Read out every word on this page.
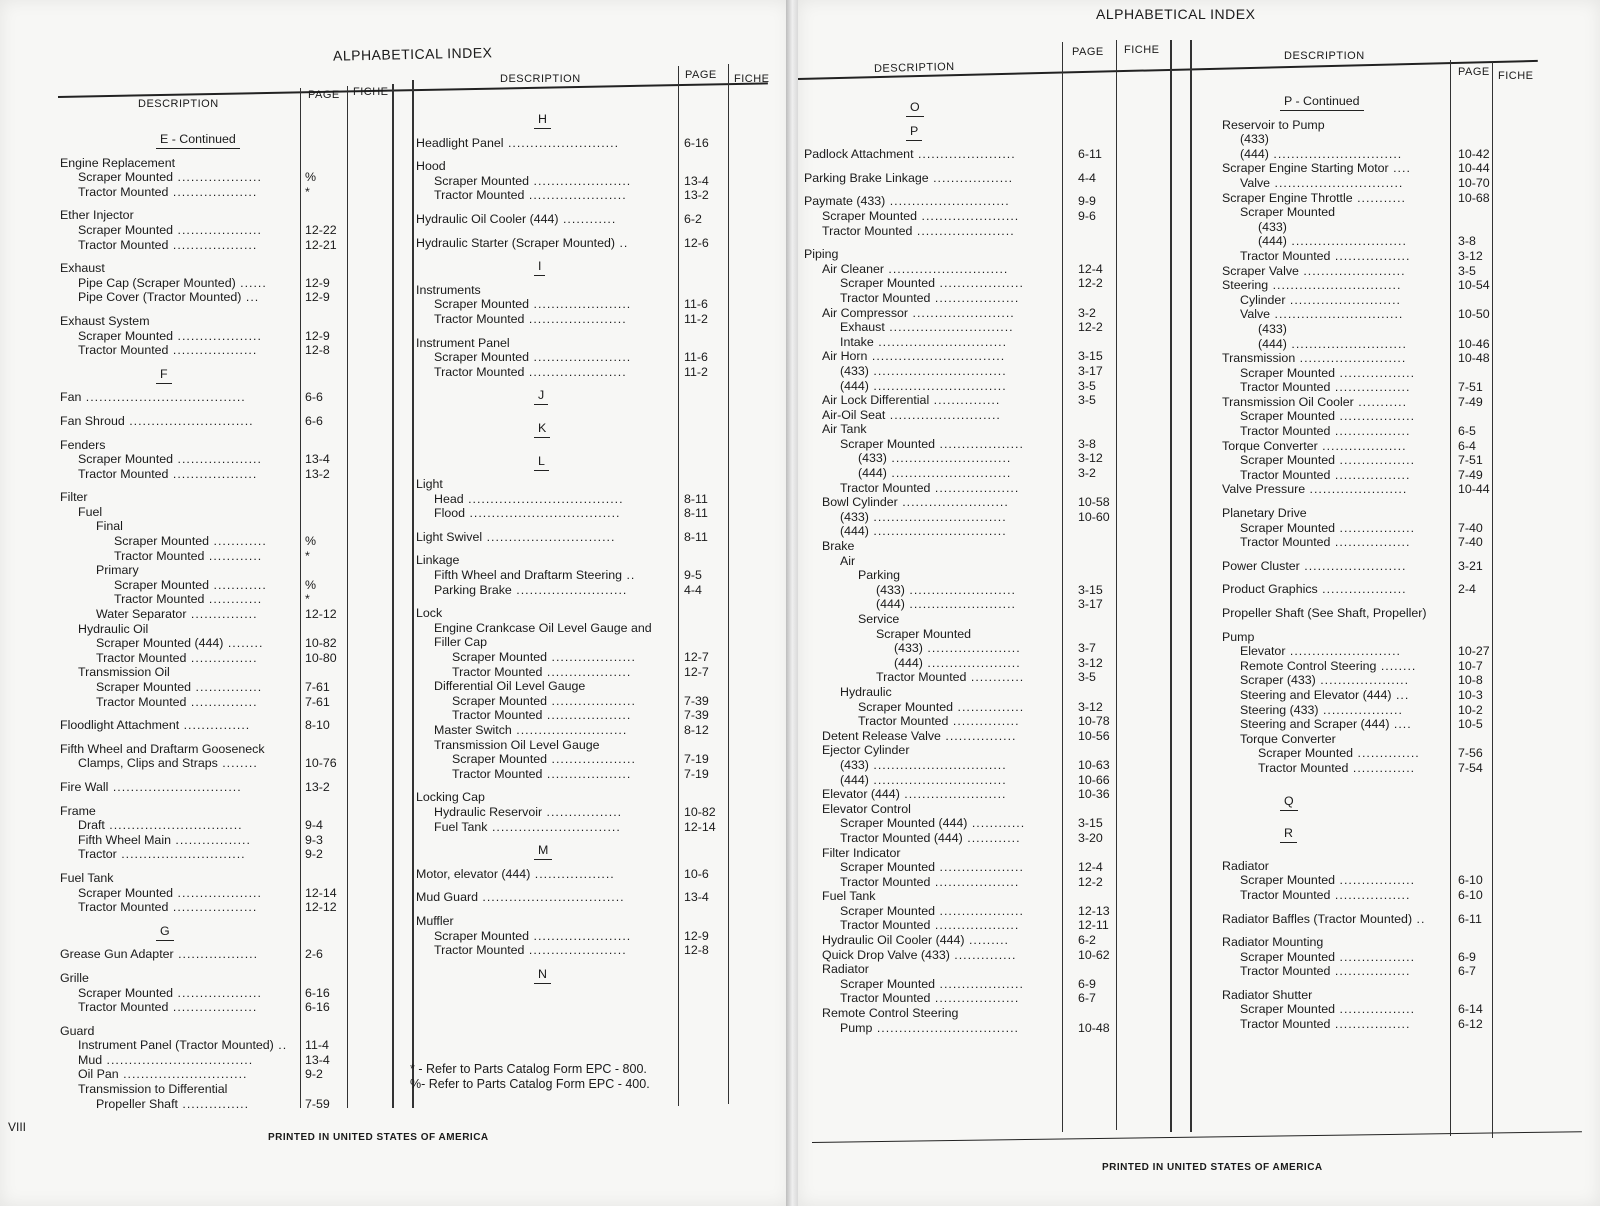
ALPHABETICAL INDEX
DESCRIPTION
PAGE FICHE
DESCRIPTION	PAGE FICHE
E - Continued
Engine Replacement
Scraper Mounted ...................	%
Tractor Mounted ...................	*
Ether Injector
Scraper Mounted ...................	12-22
Tractor Mounted ...................	12-21
Exhaust
Pipe Cap (Scraper Mounted) ......	12-9
Pipe Cover (Tractor Mounted) ...	12-9
Exhaust System
Scraper Mounted ...................	12-9
Tractor Mounted ...................	12-8
F
Fan ....................................	6-6
Fan Shroud ............................	6-6
Fenders
Scraper Mounted ...................	13-4
Tractor Mounted ...................	13-2
Filter
Fuel
Final
Scraper Mounted ............	%
Tractor Mounted ............	*
Primary
Scraper Mounted ............	%
Tractor Mounted ............	*
Water Separator ...............	12-12
Hydraulic Oil
Scraper Mounted (444) ........	10-82
Tractor Mounted ...............	10-80
Transmission Oil
Scraper Mounted ...............	7-61
Tractor Mounted ...............	7-61
Floodlight Attachment ...............	8-10
Fifth Wheel and Draftarm Gooseneck
Clamps, Clips and Straps ........	10-76
Fire Wall .............................	13-2
Frame
Draft ..............................	9-4
Fifth Wheel Main .................	9-3
Tractor ............................	9-2
Fuel Tank
Scraper Mounted ...................	12-14
Tractor Mounted ...................	12-12
G
Grease Gun Adapter ..................	2-6
Grille
Scraper Mounted ...................	6-16
Tractor Mounted ...................	6-16
Guard
Instrument Panel (Tractor Mounted) .. 11-4
Mud .................................	13-4
Oil Pan ............................	9-2
Transmission to Differential
Propeller Shaft ...............	7-59
H
Headlight Panel .........................	6-16
Hood
Scraper Mounted ......................	13-4
Tractor Mounted ......................	13-2
Hydraulic Oil Cooler (444) ............	6-2
Hydraulic Starter (Scraper Mounted) ..	12-6
I
Instruments
Scraper Mounted ......................	11-6
Tractor Mounted ......................	11-2
Instrument Panel
Scraper Mounted ......................	11-6
Tractor Mounted ......................	11-2
J
K
L
Light
Head ...................................	8-11
Flood ..................................	8-11
Light Swivel .............................	8-11
Linkage
Fifth Wheel and Draftarm Steering ..	9-5
Parking Brake .........................	4-4
Lock
Engine Crankcase Oil Level Gauge and
Filler Cap
Scraper Mounted ...................	12-7
Tractor Mounted ...................	12-7
Differential Oil Level Gauge
Scraper Mounted ...................	7-39
Tractor Mounted ...................	7-39
Master Switch .........................	8-12
Transmission Oil Level Gauge
Scraper Mounted ...................	7-19
Tractor Mounted ...................	7-19
Locking Cap
Hydraulic Reservoir .................	10-82
Fuel Tank .............................	12-14
M
Motor, elevator (444) ..................	10-6
Mud Guard ................................	13-4
Muffler
Scraper Mounted ......................	12-9
Tractor Mounted ......................	12-8
N
* - Refer to Parts Catalog Form EPC - 800.
%- Refer to Parts Catalog Form EPC - 400.
VIII
PRINTED IN UNITED STATES OF AMERICA
ALPHABETICAL INDEX
DESCRIPTION
PAGE FICHE	DESCRIPTION
PAGE FICHE
O
P
Padlock Attachment ......................	6-11
Parking Brake Linkage ..................	4-4
Paymate (433) ...........................	9-9
Scraper Mounted ......................	9-6
Tractor Mounted ......................
Piping
Air Cleaner ...........................	12-4
Scraper Mounted ...................	12-2
Tractor Mounted ...................
Air Compressor .......................	3-2
Exhaust ............................	12-2
Intake .............................
Air Horn ..............................	3-15
(433) ..............................	3-17
(444) ..............................	3-5
Air Lock Differential ...............	3-5
Air-Oil Seat .........................
Air Tank
Scraper Mounted ...................	3-8
(433) ...........................	3-12
(444) ...........................	3-2
Tractor Mounted ...................
Bowl Cylinder ........................	10-58
(433) ..............................	10-60
(444) ..............................
Brake
Air
Parking
(433) ........................	3-15
(444) ........................	3-17
Service
Scraper Mounted
(433) .....................	3-7
(444) .....................	3-12
Tractor Mounted ............	3-5
Hydraulic
Scraper Mounted ...............	3-12
Tractor Mounted ...............	10-78
Detent Release Valve ................	10-56
Ejector Cylinder
(433) ..............................	10-63
(444) ..............................	10-66
Elevator (444) .......................	10-36
Elevator Control
Scraper Mounted (444) ............	3-15
Tractor Mounted (444) ............	3-20
Filter Indicator
Scraper Mounted ...................	12-4
Tractor Mounted ...................	12-2
Fuel Tank
Scraper Mounted ...................	12-13
Tractor Mounted ...................	12-11
Hydraulic Oil Cooler (444) .........	6-2
Quick Drop Valve (433) ..............	10-62
Radiator
Scraper Mounted ...................	6-9
Tractor Mounted ...................	6-7
Remote Control Steering
Pump ................................	10-48
P - Continued
Reservoir to Pump
(433)
(444) .............................	10-42
Scraper Engine Starting Motor ....	10-44
Valve .............................	10-70
Scraper Engine Throttle ...........	10-68
Scraper Mounted
(433)
(444) ..........................	3-8
Tractor Mounted .................	3-12
Scraper Valve .......................	3-5
Steering .............................	10-54
Cylinder .........................
Valve .............................	10-50
(433)
(444) ..........................	10-46
Transmission ........................	10-48
Scraper Mounted .................
Tractor Mounted .................	7-51
Transmission Oil Cooler ...........	7-49
Scraper Mounted .................
Tractor Mounted .................	6-5
Torque Converter ...................	6-4
Scraper Mounted .................	7-51
Tractor Mounted .................	7-49
Valve Pressure ......................	10-44
Planetary Drive
Scraper Mounted .................	7-40
Tractor Mounted .................	7-40
Power Cluster .......................	3-21
Product Graphics ...................	2-4
Propeller Shaft (See Shaft, Propeller)
Pump
Elevator .........................	10-27
Remote Control Steering ........	10-7
Scraper (433) ....................	10-8
Steering and Elevator (444) ...	10-3
Steering (433) ..................	10-2
Steering and Scraper (444) ....	10-5
Torque Converter
Scraper Mounted ..............	7-56
Tractor Mounted ..............	7-54
Q
R
Radiator
Scraper Mounted .................	6-10
Tractor Mounted .................	6-10
Radiator Baffles (Tractor Mounted) ..	6-11
Radiator Mounting
Scraper Mounted .................	6-9
Tractor Mounted .................	6-7
Radiator Shutter
Scraper Mounted .................	6-14
Tractor Mounted .................	6-12
PRINTED IN UNITED STATES OF AMERICA
